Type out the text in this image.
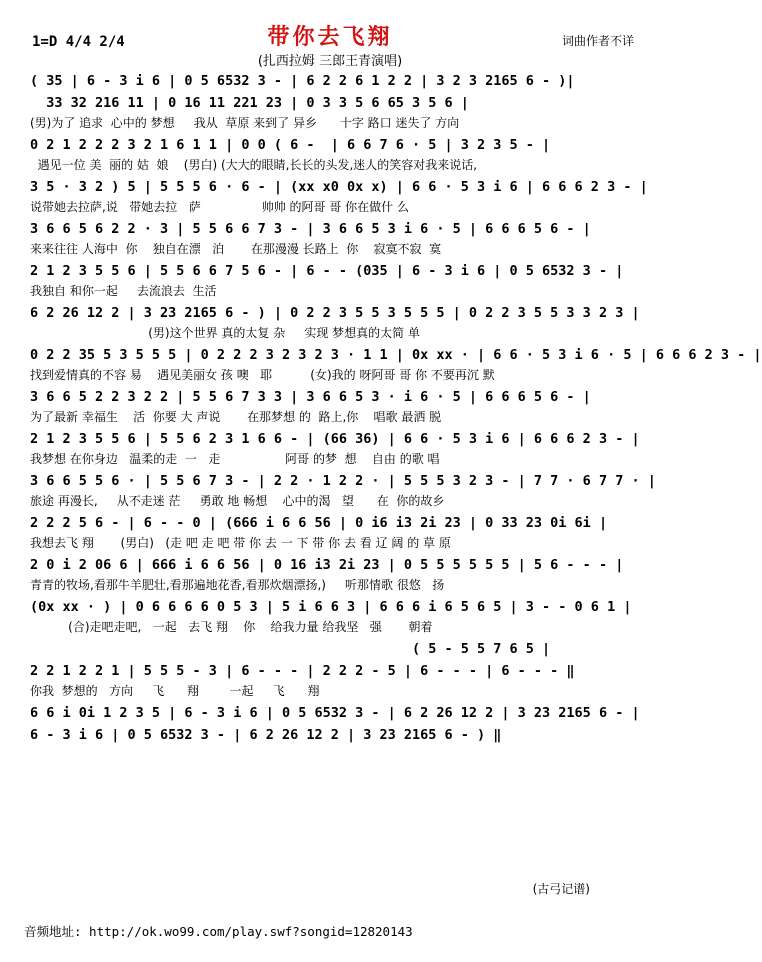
1=D 4/4 2/4	带你去飞翔	词曲作者不详
(扎西拉姆 三郎王青演唱)
( 35 | 6 - 3 i 6 | 0 5 6532 3 - | 6 2 2 6 1 2 2 | 3 2 3 2165 6 - )|
33 32 216 11 | 0 16 11 221 23 | 0 3 3 5 6 65 3 5 6 |
(男)为了 追求  心中的 梦想     我从  草原 来到了 异乡      十字 路口 迷失了 方向
0 2 1 2 2 2 3 2 1 6 1 1 | 0 0 ( 6 -  | 6 6 7 6 · 5 | 3 2 3 5 - |
遇见一位 美  丽的 姑  娘    (男白) (大大的眼睛,长长的头发,迷人的笑容对我来说话,
3 5 · 3 2 ) 5 | 5 5 5 6 · 6 - | (xx x0 0x x) | 6 6 · 5 3 i 6 | 6 6 6 2 3 - |
说带她去拉萨,说   带她去拉   萨                帅帅 的阿哥 哥 你在做什 么
3 6 6 5 6 2 2 · 3 | 5 5 6 6 7 3 - | 3 6 6 5 3 i 6 · 5 | 6 6 6 5 6 - |
来来往往 人海中  你    独自在漂   泊       在那漫漫 长路上  你    寂寞不寂  寞
2 1 2 3 5 5 6 | 5 5 6 6 7 5 6 - | 6 - - (035 | 6 - 3 i 6 | 0 5 6532 3 - |
我独自 和你一起     去流浪去  生活
6 2 26 12 2 | 3 23 2165 6 - ) | 0 2 2 3 5 5 3 5 5 5 | 0 2 2 3 5 5 3 3 2 3 |
(男)这个世界 真的太复 杂     实现 梦想真的太简 单
0 2 2 35 5 3 5 5 5 | 0 2 2 2 3 2 3 2 3 · 1 1 | 0x xx · | 6 6 · 5 3 i 6 · 5 | 6 6 6 2 3 - |
找到爱情真的不容 易    遇见美丽女 孩 噢   耶          (女)我的 呀阿哥 哥 你 不要再沉 默
3 6 6 5 2 2 3 2 2 | 5 5 6 7 3 3 | 3 6 6 5 3 · i 6 · 5 | 6 6 6 5 6 - |
为了最新 幸福生    活  你要 大 声说       在那梦想 的  路上,你    唱歌 最洒 脱
2 1 2 3 5 5 6 | 5 5 6 2 3 1 6 6 - | (66 36) | 6 6 · 5 3 i 6 | 6 6 6 2 3 - |
我梦想 在你身边   温柔的走  一   走                 阿哥 的梦  想    自由 的歌 唱
3 6 6 5 5 6 · | 5 5 6 7 3 - | 2 2 · 1 2 2 · | 5 5 5 3 2 3 - | 7 7 · 6 7 7 · |
旅途 再漫长,     从不走迷 茫     勇敢 地 畅想    心中的渴   望      在  你的故乡
2 2 2 5 6 - | 6 - - 0 | (666 i 6 6 56 | 0 i6 i3 2i 23 | 0 33 23 0i 6i |
我想去飞 翔       (男白)   (走 吧 走 吧 带 你 去 一 下 带 你 去 看 辽 阔 的 草 原
2 0 i 2 06 6 | 666 i 6 6 56 | 0 16 i3 2i 23 | 0 5 5 5 5 5 5 | 5 6 - - - |
青青的牧场,看那牛羊肥壮,看那遍地花香,看那炊烟漂扬,)     听那情歌 很悠   扬
(0x xx · ) | 0 6 6 6 6 0 5 3 | 5 i 6 6 3 | 6 6 6 i 6 5 6 5 | 3 - - 0 6 1 |
(合)走吧走吧,   一起   去飞 翔    你    给我力量 给我坚   强       朝着
( 5 - 5 5 7 6 5 |
2 2 1 2 2 1 | 5 5 5 - 3 | 6 - - - | 2 2 2 - 5 | 6 - - - | 6 - - - ‖
你我  梦想的   方向     飞      翔        一起     飞      翔
6 6 i 0i 1 2 3 5 | 6 - 3 i 6 | 0 5 6532 3 - | 6 2 26 12 2 | 3 23 2165 6 - |
6 - 3 i 6 | 0 5 6532 3 - | 6 2 26 12 2 | 3 23 2165 6 - ) ‖
(古弓记谱)
音频地址: http://ok.wo99.com/play.swf?songid=12820143
